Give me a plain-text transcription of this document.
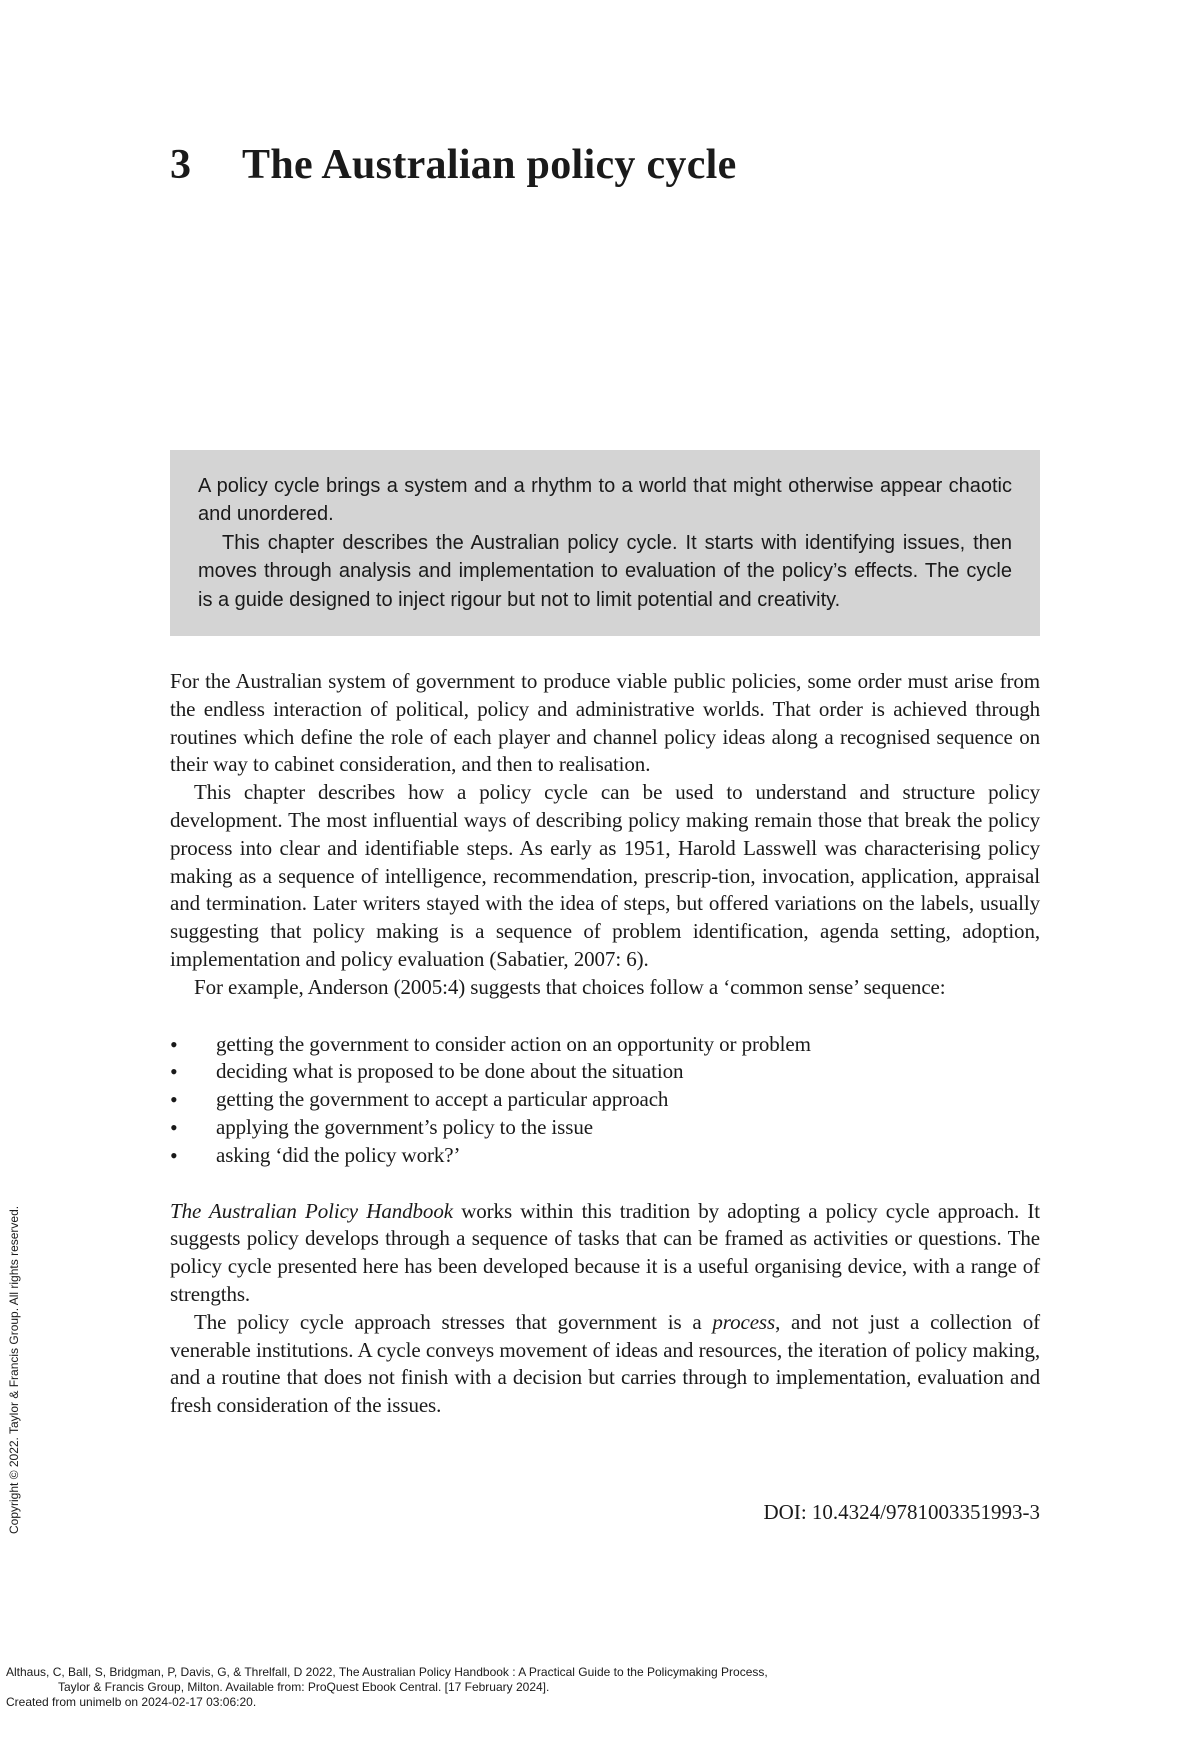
3 The Australian policy cycle

A policy cycle brings a system and a rhythm to a world that might otherwise appear chaotic and unordered.

This chapter describes the Australian policy cycle. It starts with identifying issues, then moves through analysis and implementation to evaluation of the policy’s effects. The cycle is a guide designed to inject rigour but not to limit potential and creativity.

For the Australian system of government to produce viable public policies, some order must arise from the endless interaction of political, policy and administrative worlds. That order is achieved through routines which define the role of each player and channel policy ideas along a recognised sequence on their way to cabinet consideration, and then to realisation.

This chapter describes how a policy cycle can be used to understand and structure policy development. The most influential ways of describing policy making remain those that break the policy process into clear and identifiable steps. As early as 1951, Harold Lasswell was characterising policy making as a sequence of intelligence, recommendation, prescrip-tion, invocation, application, appraisal and termination. Later writers stayed with the idea of steps, but offered variations on the labels, usually suggesting that policy making is a sequence of problem identification, agenda setting, adoption, implementation and policy evaluation (Sabatier, 2007: 6).

For example, Anderson (2005:4) suggests that choices follow a ‘common sense’ sequence:

• getting the government to consider action on an opportunity or problem
• deciding what is proposed to be done about the situation
• getting the government to accept a particular approach
• applying the government’s policy to the issue
• asking ‘did the policy work?’

The Australian Policy Handbook works within this tradition by adopting a policy cycle approach. It suggests policy develops through a sequence of tasks that can be framed as activities or questions. The policy cycle presented here has been developed because it is a useful organising device, with a range of strengths.

The policy cycle approach stresses that government is a process, and not just a collection of venerable institutions. A cycle conveys movement of ideas and resources, the iteration of policy making, and a routine that does not finish with a decision but carries through to implementation, evaluation and fresh consideration of the issues.

DOI: 10.4324/9781003351993-3
Copyright © 2022. Taylor & Francis Group. All rights reserved.
Althaus, C, Ball, S, Bridgman, P, Davis, G, & Threlfall, D 2022, The Australian Policy Handbook : A Practical Guide to the Policymaking Process,
Taylor & Francis Group, Milton. Available from: ProQuest Ebook Central. [17 February 2024].
Created from unimelb on 2024-02-17 03:06:20.
